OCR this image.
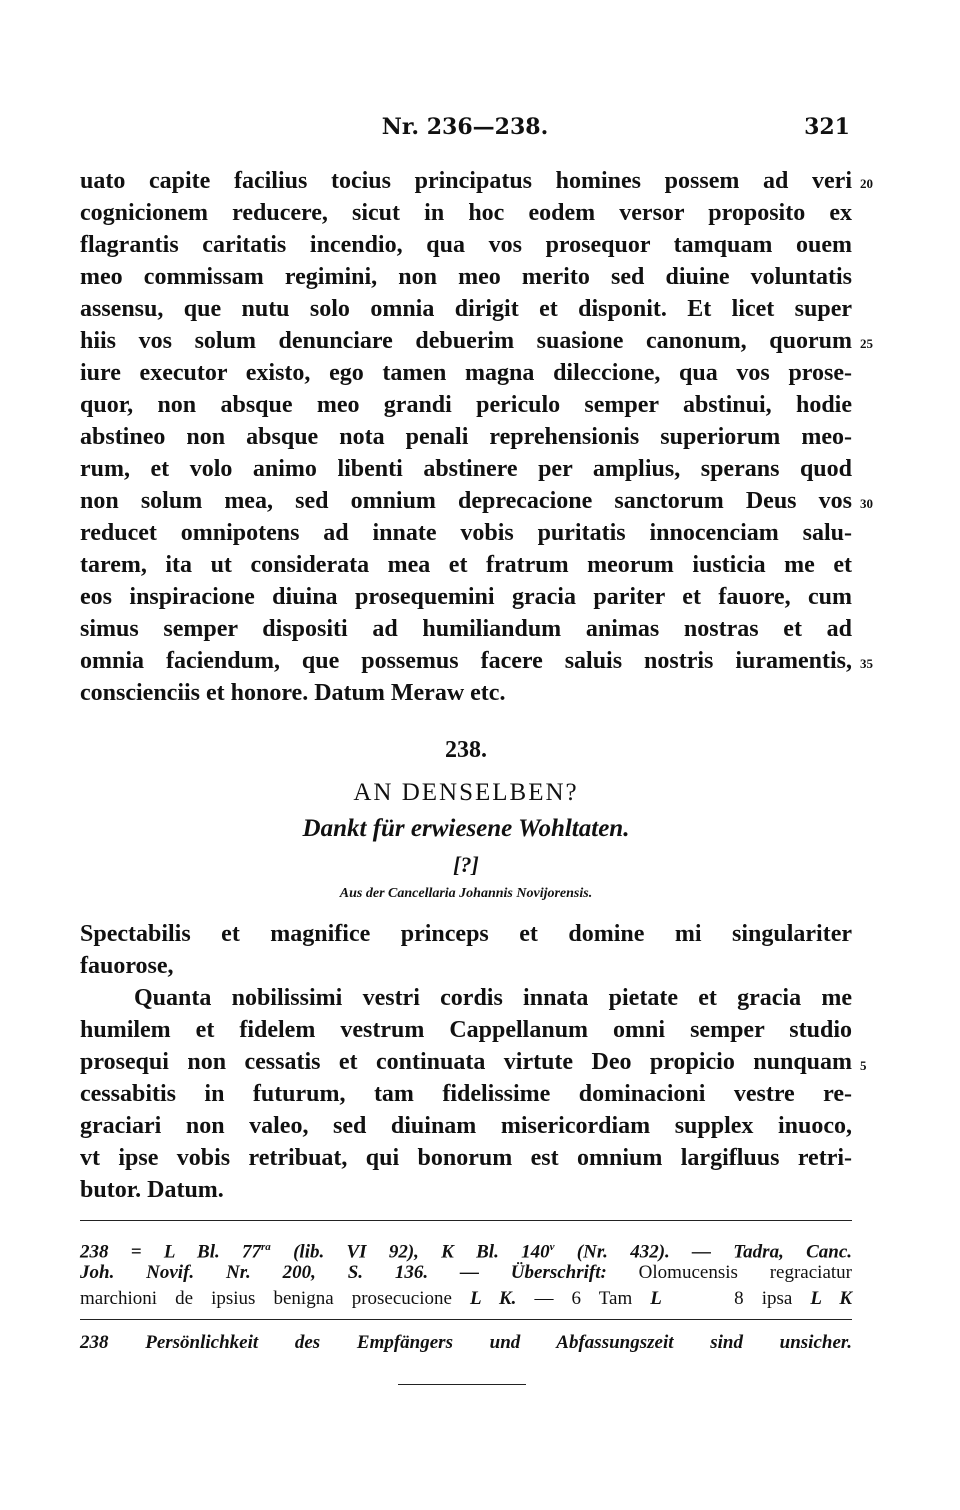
Nr. 236—238.	321
uato capite facilius tocius principatus homines possem ad veri
cognicionem reducere, sicut in hoc eodem versor proposito ex
flagrantis caritatis incendio, qua vos prosequor tamquam ouem
meo commissam regimini, non meo merito sed diuine voluntatis
assensu, que nutu solo omnia dirigit et disponit. Et licet super
hiis vos solum denunciare debuerim suasione canonum, quorum
iure executor existo, ego tamen magna dileccione, qua vos prose-
quor, non absque meo grandi periculo semper abstinui, hodie
abstineo non absque nota penali reprehensionis superiorum meo-
rum, et volo animo libenti abstinere per amplius, sperans quod
non solum mea, sed omnium deprecacione sanctorum Deus vos
reducet omnipotens ad innate vobis puritatis innocenciam salu-
tarem, ita ut considerata mea et fratrum meorum iusticia me et
eos inspiracione diuina prosequemini gracia pariter et fauore, cum
simus semper dispositi ad humiliandum animas nostras et ad
omnia faciendum, que possemus facere saluis nostris iuramentis,
conscienciis et honore. Datum Meraw etc.
20
25
30
35
238.
AN DENSELBEN?
Dankt für erwiesene Wohltaten.
[?]
Aus der Cancellaria Johannis Novijorensis.
Spectabilis et magnifice princeps et domine mi singulariter
fauorose,
Quanta nobilissimi vestri cordis innata pietate et gracia me
humilem et fidelem vestrum Cappellanum omni semper studio
prosequi non cessatis et continuata virtute Deo propicio nunquam
cessabitis in futurum, tam fidelissime dominacioni vestre re-
graciari non valeo, sed diuinam misericordiam supplex inuoco,
vt ipse vobis retribuat, qui bonorum est omnium largifluus retri-
butor. Datum.
5
238 = L Bl. $77^{ra}$ (lib. VI 92), K Bl. 140$^v$ (Nr. 432). — Tadra, Canc.
Joh. Novif. Nr. 200, S. 136. — Überschrift: Olomucensis regraciatur
marchioni de ipsius benigna prosecucione L K. — 6 Tam L    8 ipsa L K
238 Persönlichkeit des Empfängers und Abfassungszeit sind unsicher.
